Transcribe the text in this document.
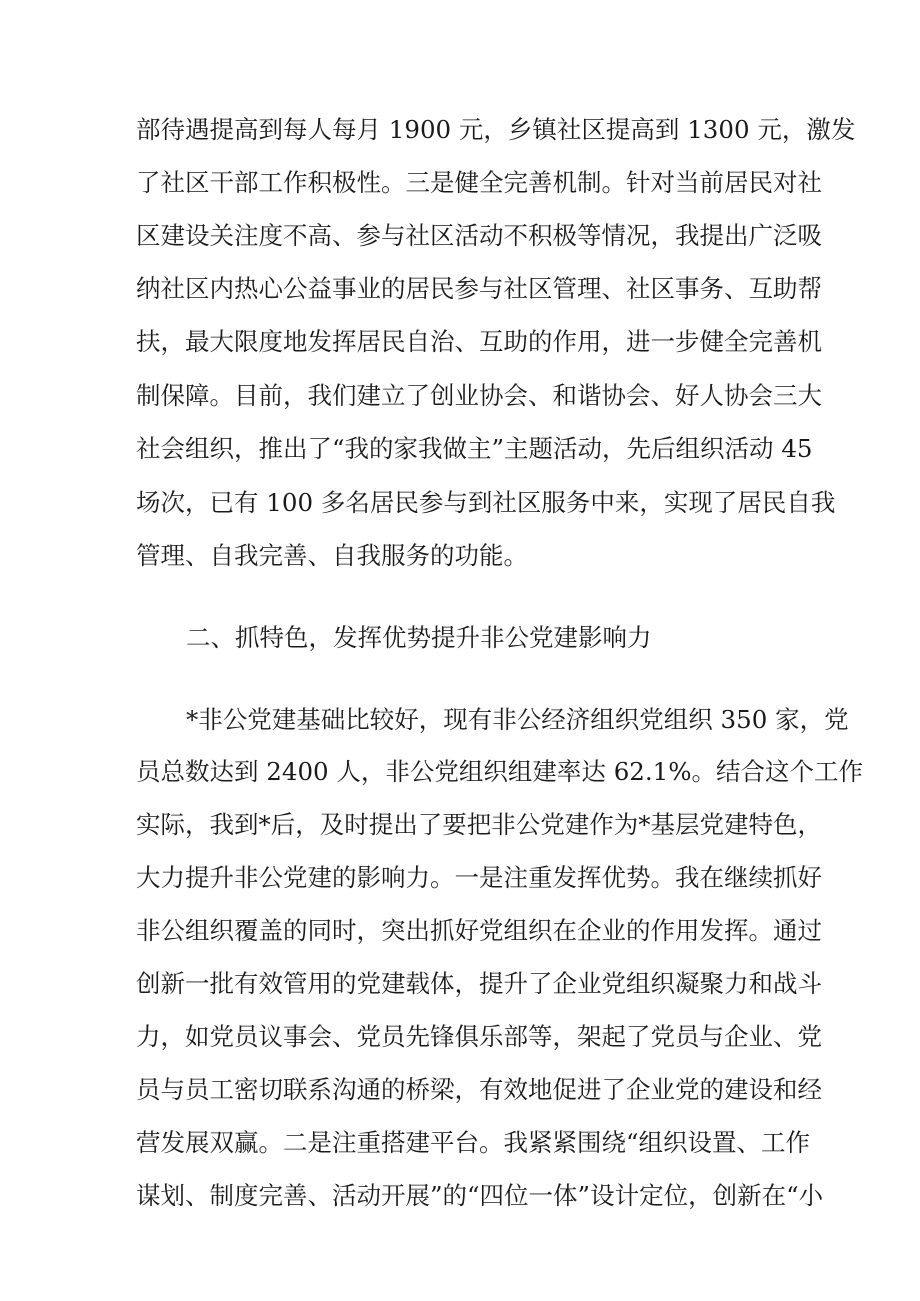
部待遇提高到每人每月 1900 元，乡镇社区提高到 1300 元，激发
了社区干部工作积极性。三是健全完善机制。针对当前居民对社
区建设关注度不高、参与社区活动不积极等情况，我提出广泛吸
纳社区内热心公益事业的居民参与社区管理、社区事务、互助帮
扶，最大限度地发挥居民自治、互助的作用，进一步健全完善机
制保障。目前，我们建立了创业协会、和谐协会、好人协会三大
社会组织，推出了“我的家我做主”主题活动，先后组织活动 45
场次，已有 100 多名居民参与到社区服务中来，实现了居民自我
管理、自我完善、自我服务的功能。
二、抓特色，发挥优势提升非公党建影响力
*非公党建基础比较好，现有非公经济组织党组织 350 家，党
员总数达到 2400 人，非公党组织组建率达 62.1%。结合这个工作
实际，我到*后，及时提出了要把非公党建作为*基层党建特色，
大力提升非公党建的影响力。一是注重发挥优势。我在继续抓好
非公组织覆盖的同时，突出抓好党组织在企业的作用发挥。通过
创新一批有效管用的党建载体，提升了企业党组织凝聚力和战斗
力，如党员议事会、党员先锋俱乐部等，架起了党员与企业、党
员与员工密切联系沟通的桥梁，有效地促进了企业党的建设和经
营发展双赢。二是注重搭建平台。我紧紧围绕“组织设置、工作
谋划、制度完善、活动开展”的“四位一体”设计定位，创新在“小
